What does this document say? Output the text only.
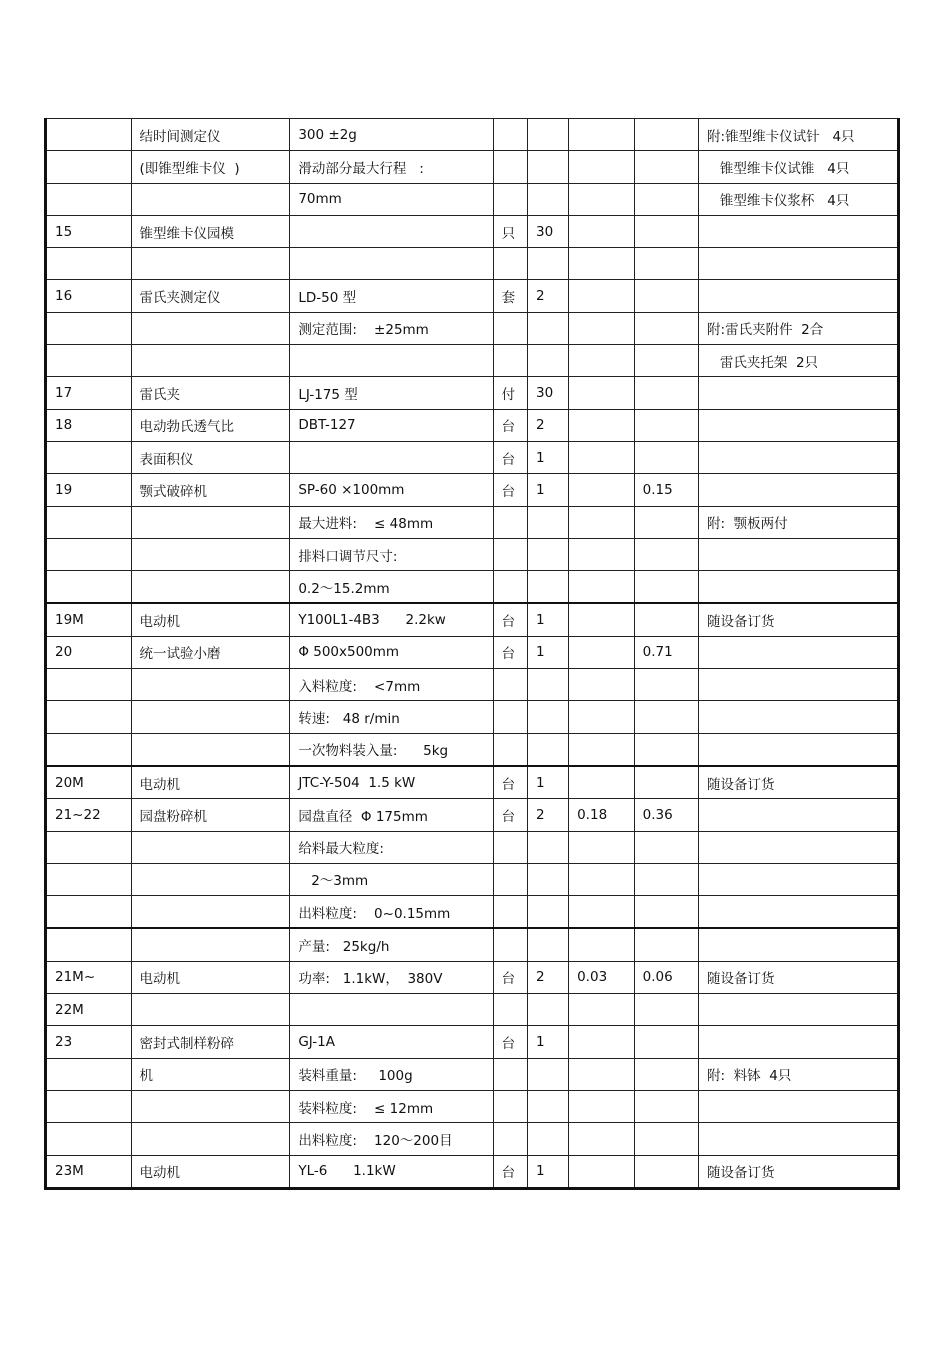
	结时间测定仪	300 ±2g					附:锥型维卡仪试针   4只
	(即锥型维卡仪  )	滑动部分最大行程   :					锥型维卡仪试锥   4只
		70mm					锥型维卡仪浆杯   4只
15	锥型维卡仪园模		只	30			

16	雷氏夹测定仪	LD-50 型	套	2			
		测定范围:    ±25mm					附:雷氏夹附件  2合
							雷氏夹托架  2只
17	雷氏夹	LJ-175 型	付	30			
18	电动勃氏透气比	DBT-127	台	2			
	表面积仪		台	1			
19	颚式破碎机	SP-60 ×100mm	台	1		0.15	
		最大进料:    ≤ 48mm					附:  颚板两付
		排料口调节尺寸:					
		0.2～15.2mm					
19M	电动机	Y100L1-4B3      2.2kw	台	1			随设备订货
20	统一试验小磨	Φ 500x500mm	台	1		0.71	
		入料粒度:    <7mm					
		转速:   48 r/min					
		一次物料装入量:      5kg					
20M	电动机	JTC-Y-504  1.5 kW	台	1			随设备订货
21~22	园盘粉碎机	园盘直径  Φ 175mm	台	2	0.18	0.36	
		给料最大粒度:					
		2～3mm					
		出料粒度:    0~0.15mm					
		产量:   25kg/h					
21M~	电动机	功率:   1.1kW，  380V	台	2	0.03	0.06	随设备订货
22M							
23	密封式制样粉碎	GJ-1A	台	1			
	机	装料重量:     100g					附:  料钵  4只
		装料粒度:    ≤ 12mm					
		出料粒度:    120～200目					
23M	电动机	YL-6      1.1kW	台	1			随设备订货
